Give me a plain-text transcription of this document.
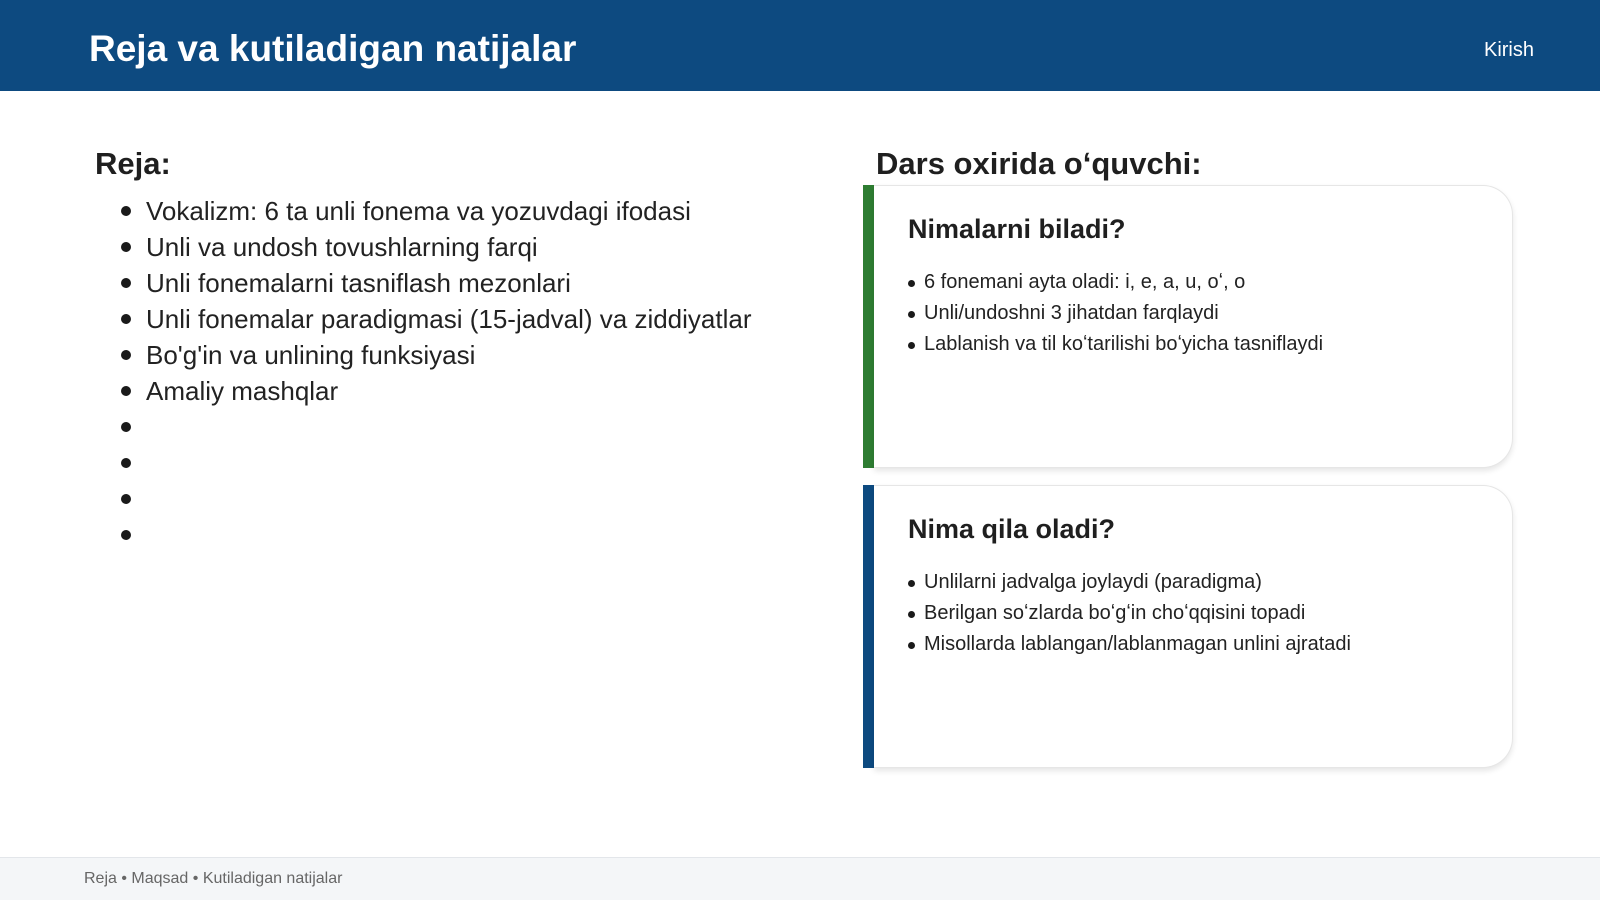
Reja va kutiladigan natijalar	Kirish
Reja:
Vokalizm: 6 ta unli fonema va yozuvdagi ifodasi
Unli va undosh tovushlarning farqi
Unli fonemalarni tasniflash mezonlari
Unli fonemalar paradigmasi (15-jadval) va ziddiyatlar
Bo'g'in va unlining funksiyasi
Amaliy mashqlar
Dars oxirida oʻquvchi:
Nimalarni biladi?
6 fonemani ayta oladi: i, e, a, u, oʻ, o
Unli/undoshni 3 jihatdan farqlaydi
Lablanish va til koʻtarilishi boʻyicha tasniflaydi
Nima qila oladi?
Unlilarni jadvalga joylaydi (paradigma)
Berilgan soʻzlarda boʻgʻin choʻqqisini topadi
Misollarda lablangan/lablanmagan unlini ajratadi
Reja • Maqsad • Kutiladigan natijalar
